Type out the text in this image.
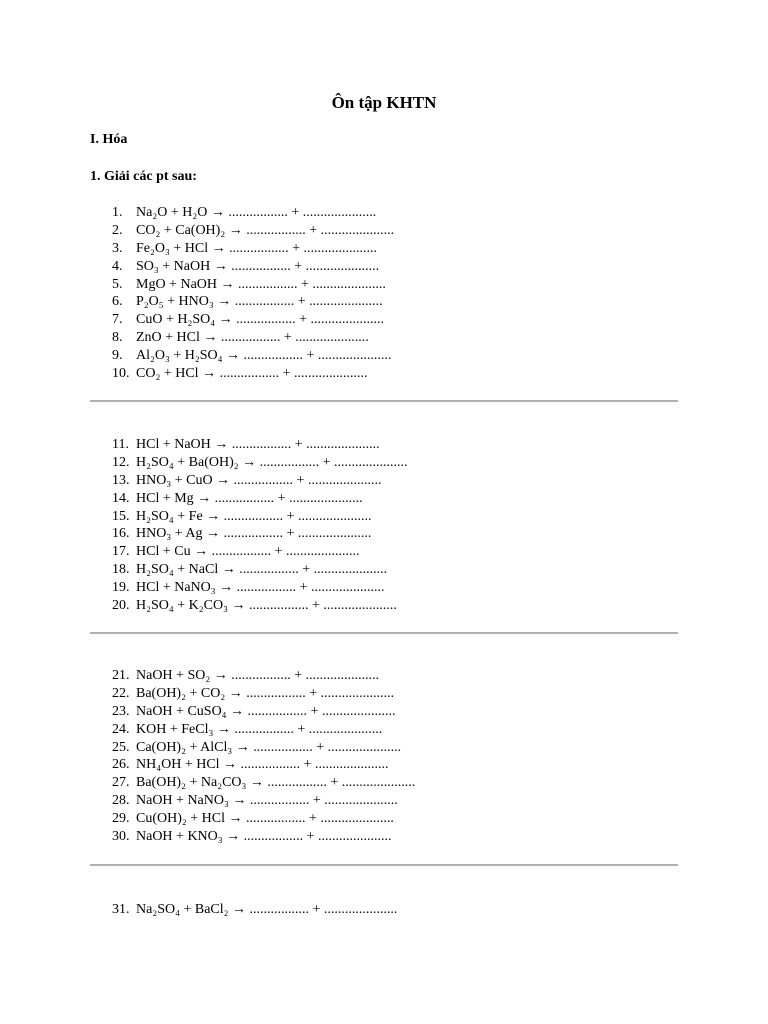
Ôn tập KHTN
I. Hóa
1. Giải các pt sau:
1. Na₂O + H₂O → ................. + .....................
2. CO₂ + Ca(OH)₂ → ................. + .....................
3. Fe₂O₃ + HCl → ................. + .....................
4. SO₃ + NaOH → ................. + .....................
5. MgO + NaOH → ................. + .....................
6. P₂O₅ + HNO₃ → ................. + .....................
7. CuO + H₂SO₄ → ................. + .....................
8. ZnO + HCl → ................. + .....................
9. Al₂O₃ + H₂SO₄ → ................. + .....................
10. CO₂ + HCl → ................. + .....................
11. HCl + NaOH → ................. + .....................
12. H₂SO₄ + Ba(OH)₂ → ................. + .....................
13. HNO₃ + CuO → ................. + .....................
14. HCl + Mg → ................. + .....................
15. H₂SO₄ + Fe → ................. + .....................
16. HNO₃ + Ag → ................. + .....................
17. HCl + Cu → ................. + .....................
18. H₂SO₄ + NaCl → ................. + .....................
19. HCl + NaNO₃ → ................. + .....................
20. H₂SO₄ + K₂CO₃ → ................. + .....................
21. NaOH + SO₂ → ................. + .....................
22. Ba(OH)₂ + CO₂ → ................. + .....................
23. NaOH + CuSO₄ → ................. + .....................
24. KOH + FeCl₃ → ................. + .....................
25. Ca(OH)₂ + AlCl₃ → ................. + .....................
26. NH₄OH + HCl → ................. + .....................
27. Ba(OH)₂ + Na₂CO₃ → ................. + .....................
28. NaOH + NaNO₃ → ................. + .....................
29. Cu(OH)₂ + HCl → ................. + .....................
30. NaOH + KNO₃ → ................. + .....................
31. Na₂SO₄ + BaCl₂ → ................. + .....................
